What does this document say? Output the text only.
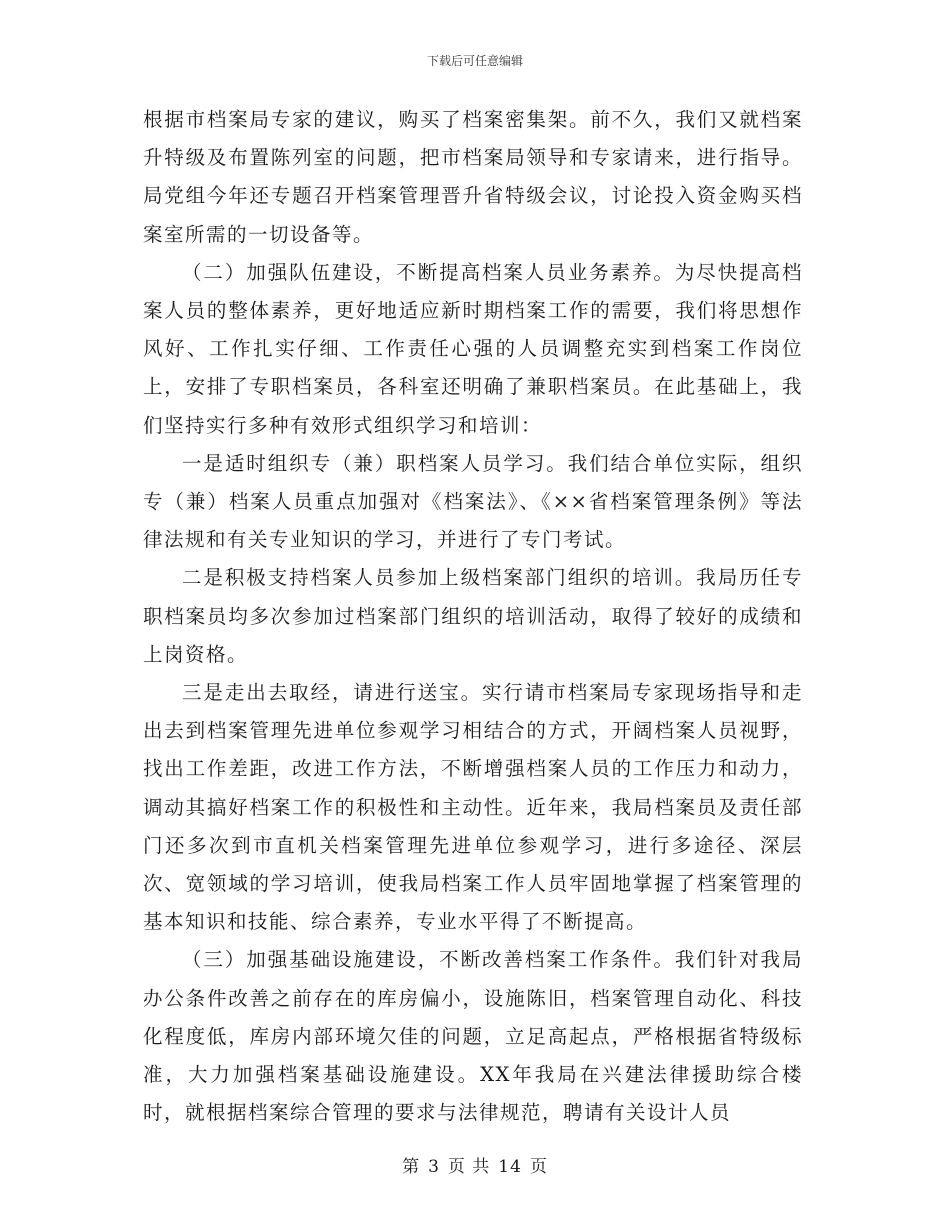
下载后可任意编辑

根据市档案局专家的建议，购买了档案密集架。前不久，我们又就档案升特级及布置陈列室的问题，把市档案局领导和专家请来，进行指导。局党组今年还专题召开档案管理晋升省特级会议，讨论投入资金购买档案室所需的一切设备等。

（二）加强队伍建设，不断提高档案人员业务素养。为尽快提高档案人员的整体素养，更好地适应新时期档案工作的需要，我们将思想作风好、工作扎实仔细、工作责任心强的人员调整充实到档案工作岗位上，安排了专职档案员，各科室还明确了兼职档案员。在此基础上，我们坚持实行多种有效形式组织学习和培训：

一是适时组织专（兼）职档案人员学习。我们结合单位实际，组织专（兼）档案人员重点加强对《档案法》、《××省档案管理条例》等法律法规和有关专业知识的学习，并进行了专门考试。

二是积极支持档案人员参加上级档案部门组织的培训。我局历任专职档案员均多次参加过档案部门组织的培训活动，取得了较好的成绩和上岗资格。

三是走出去取经，请进行送宝。实行请市档案局专家现场指导和走出去到档案管理先进单位参观学习相结合的方式，开阔档案人员视野，找出工作差距，改进工作方法，不断增强档案人员的工作压力和动力，调动其搞好档案工作的积极性和主动性。近年来，我局档案员及责任部门还多次到市直机关档案管理先进单位参观学习，进行多途径、深层次、宽领域的学习培训，使我局档案工作人员牢固地掌握了档案管理的基本知识和技能、综合素养，专业水平得了不断提高。

（三）加强基础设施建设，不断改善档案工作条件。我们针对我局办公条件改善之前存在的库房偏小，设施陈旧，档案管理自动化、科技化程度低，库房内部环境欠佳的问题，立足高起点，严格根据省特级标准，大力加强档案基础设施建设。XX年我局在兴建法律援助综合楼时，就根据档案综合管理的要求与法律规范，聘请有关设计人员

第 3 页 共 14 页
